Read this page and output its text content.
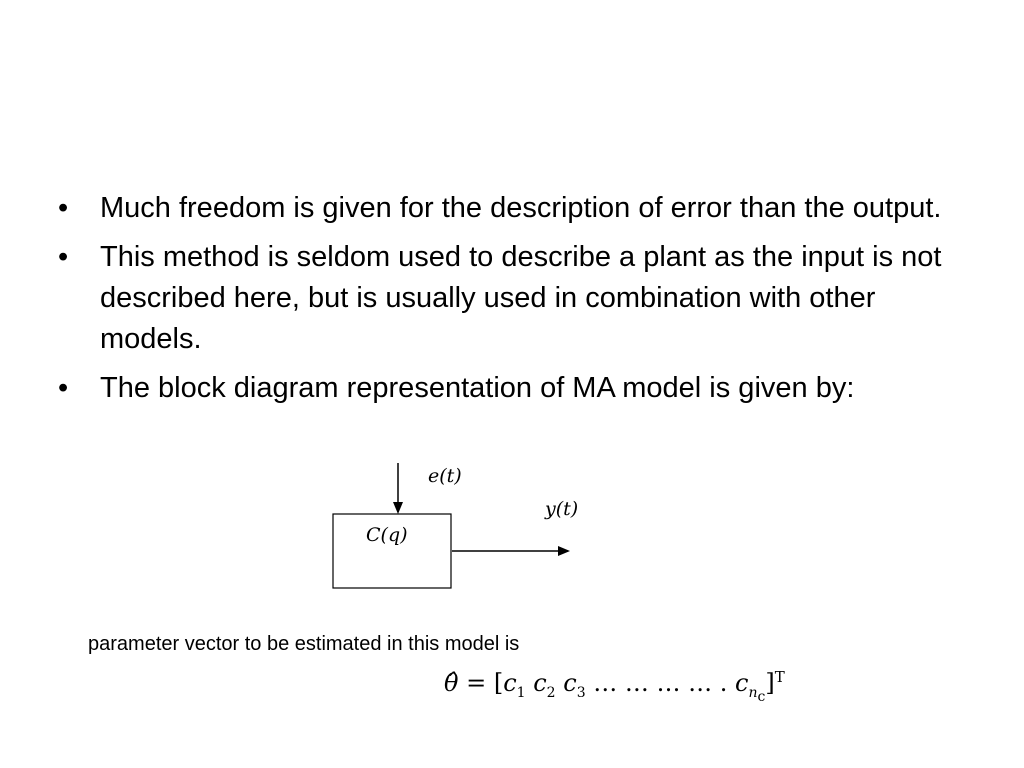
• Much freedom is given for the description of error than the output.
• This method is seldom used to describe a plant as the input is not described here, but is usually used in combination with other models.
• The block diagram representation of MA model is given by:
e(t)
C(q)
y(t)
parameter vector to be estimated in this model is
θ̂ = [$c_1$ $c_2$ $c_3$ … … … … . $c_{n_c}]^T$
